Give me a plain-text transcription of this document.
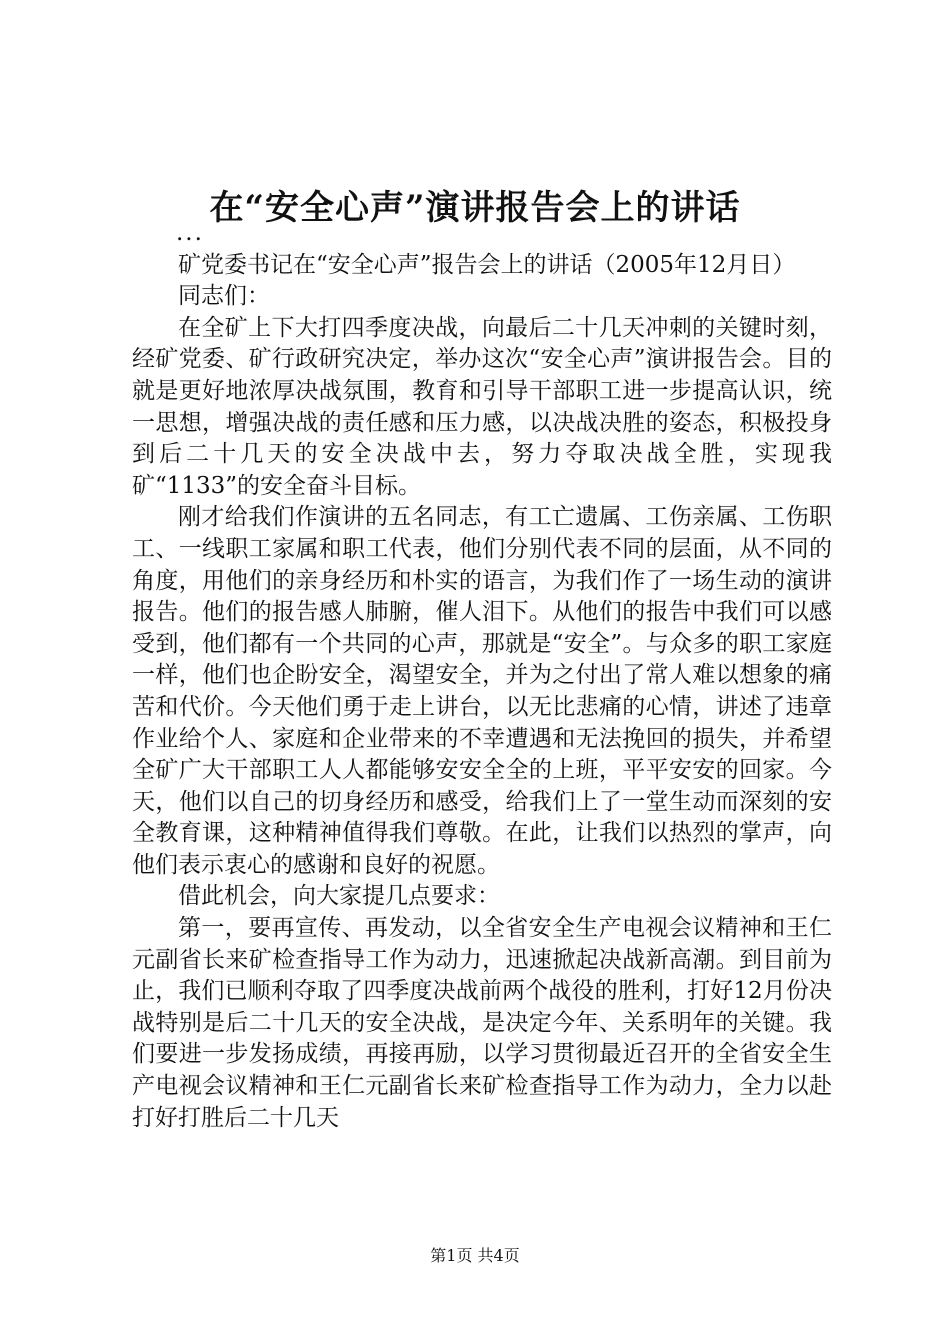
在“安全心声”演讲报告会上的讲话

...

矿党委书记在“安全心声”报告会上的讲话（2005年12月日）

同志们：

在全矿上下大打四季度决战，向最后二十几天冲刺的关键时刻，经矿党委、矿行政研究决定，举办这次“安全心声”演讲报告会。目的就是更好地浓厚决战氛围，教育和引导干部职工进一步提高认识，统一思想，增强决战的责任感和压力感，以决战决胜的姿态，积极投身到后二十几天的安全决战中去，努力夺取决战全胜，实现我矿“1133”的安全奋斗目标。

刚才给我们作演讲的五名同志，有工亡遗属、工伤亲属、工伤职工、一线职工家属和职工代表，他们分别代表不同的层面，从不同的角度，用他们的亲身经历和朴实的语言，为我们作了一场生动的演讲报告。他们的报告感人肺腑，催人泪下。从他们的报告中我们可以感受到，他们都有一个共同的心声，那就是“安全”。与众多的职工家庭一样，他们也企盼安全，渴望安全，并为之付出了常人难以想象的痛苦和代价。今天他们勇于走上讲台，以无比悲痛的心情，讲述了违章作业给个人、家庭和企业带来的不幸遭遇和无法挽回的损失，并希望全矿广大干部职工人人都能够安安全全的上班，平平安安的回家。今天，他们以自己的切身经历和感受，给我们上了一堂生动而深刻的安全教育课，这种精神值得我们尊敬。在此，让我们以热烈的掌声，向他们表示衷心的感谢和良好的祝愿。

借此机会，向大家提几点要求：

第一，要再宣传、再发动，以全省安全生产电视会议精神和王仁元副省长来矿检查指导工作为动力，迅速掀起决战新高潮。到目前为止，我们已顺利夺取了四季度决战前两个战役的胜利，打好12月份决战特别是后二十几天的安全决战，是决定今年、关系明年的关键。我们要进一步发扬成绩，再接再励，以学习贯彻最近召开的全省安全生产电视会议精神和王仁元副省长来矿检查指导工作为动力，全力以赴打好打胜后二十几天

第1页 共4页
